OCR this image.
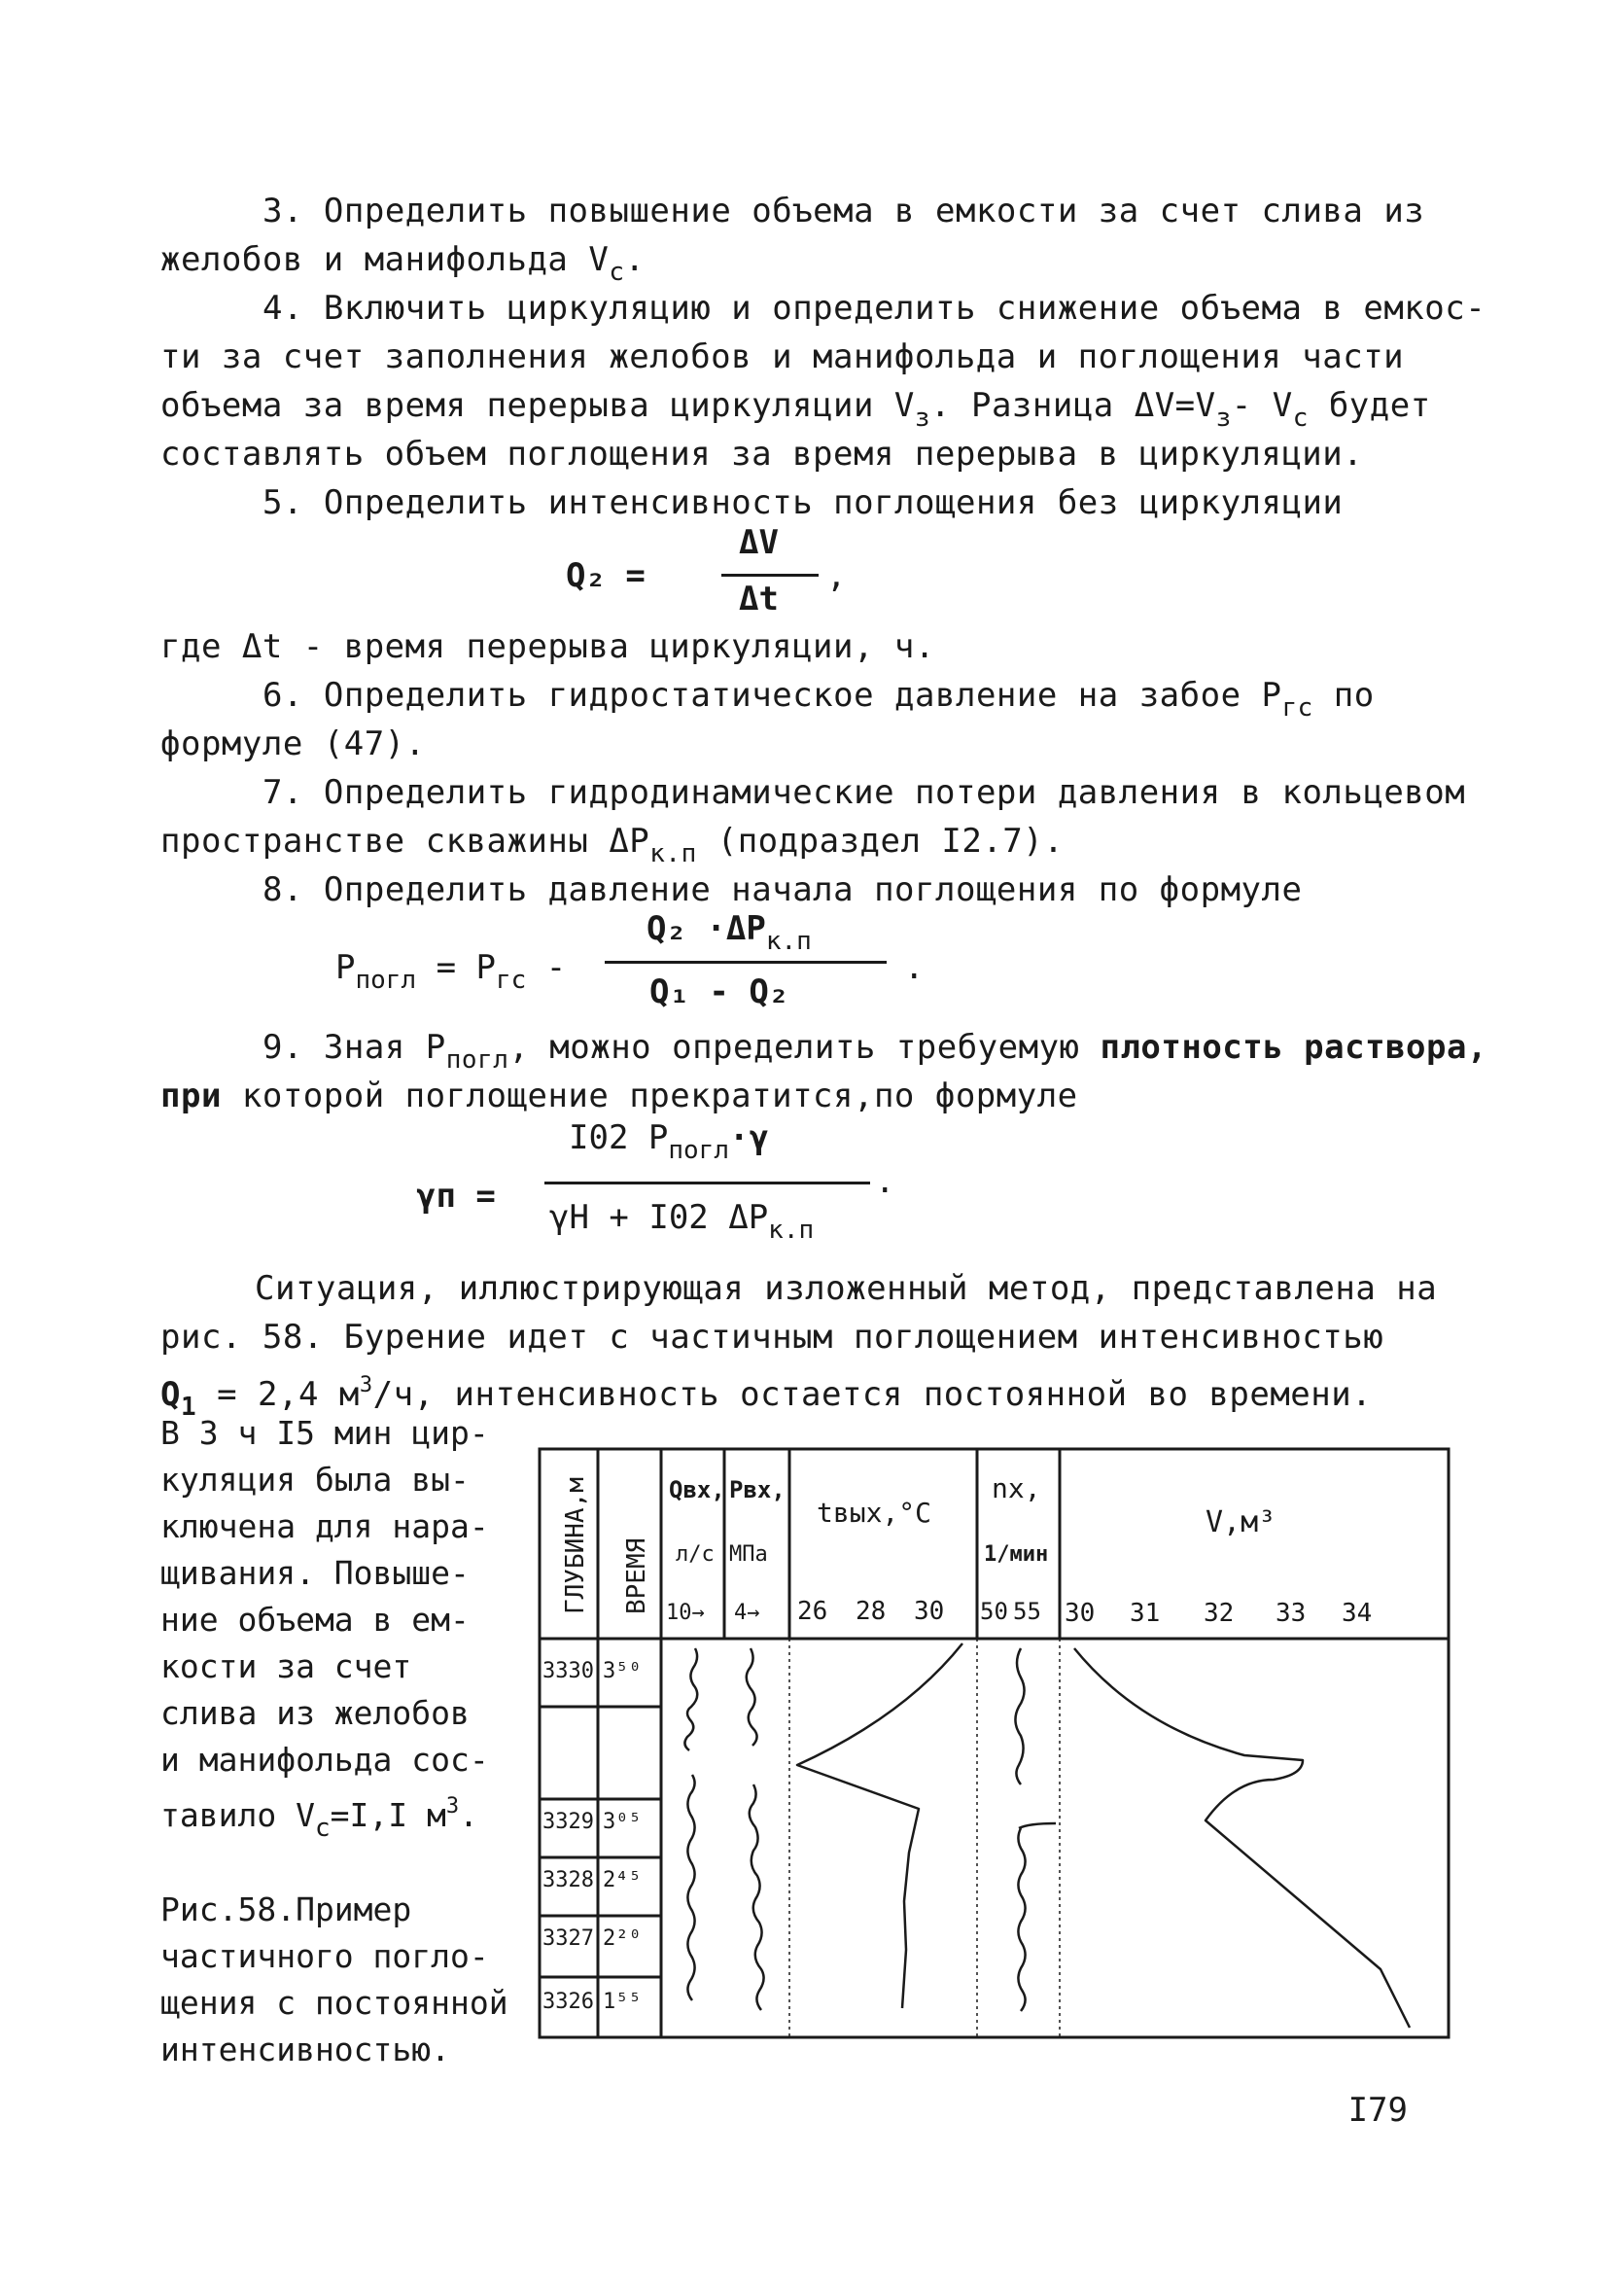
3. Определить повышение объема в емкости за счет слива из
желобов и манифольда $V_с$.
4. Включить циркуляцию и определить снижение объема в емкос-
ти за счет заполнения желобов и манифольда и поглощения части
объема за время перерыва циркуляции $V_з$. Разница $\Delta V=V_з-$ $V_с$ будет
составлять объем поглощения за время перерыва в циркуляции.
5. Определить интенсивность поглощения без циркуляции
Q₂ =
ΔV
Δt
,
где Δt - время перерыва циркуляции, ч.
6. Определить гидростатическое давление на забое $P_{гс}$ по
формуле (47).
7. Определить гидродинамические потери давления в кольцевом
пространстве скважины $\Delta P_{к.п}$ (подраздел I2.7).
8. Определить давление начала поглощения по формуле
$P_{погл} = P_{гс}$ -
$Q_2 \cdot\Delta P_{к.п}$
Q₁ - Q₂
.
9. Зная $P_{погл}$, можно определить требуемую плотность раствора,
при которой поглощение прекратится,по формуле
γп =
I02 $P_{погл}\cdot\gamma$
γH + I02 $\Delta P_{к.п}$
.
Ситуация, иллюстрирующая изложенный метод, представлена на
рис. 58. Бурение идет с частичным поглощением интенсивностью
$Q_1 = 2,4$ $м^3/ч$, интенсивность остается постоянной во времени.
В 3 ч I5 мин цир-
куляция была вы-
ключена для нара-
щивания. Повыше-
ние объема в ем-
кости за счет
слива из желобов
и манифольда сос-
тавило $V_с=I,I$ $м^3$.
Рис.58.Пример
частичного погло-
щения с постоянной
интенсивностью.
ГЛУБИНА,м ВРЕМЯ
Qвх,
л/с
10→
Pвх,
МПа
4→
tвых,°C
26 28 30
nх,
1/мин
50 55
V,м³
30 31 32 33 34
3330 3⁵⁰
3329 3⁰⁵
3328 2⁴⁵
3327 2²⁰
3326 1⁵⁵
I79
